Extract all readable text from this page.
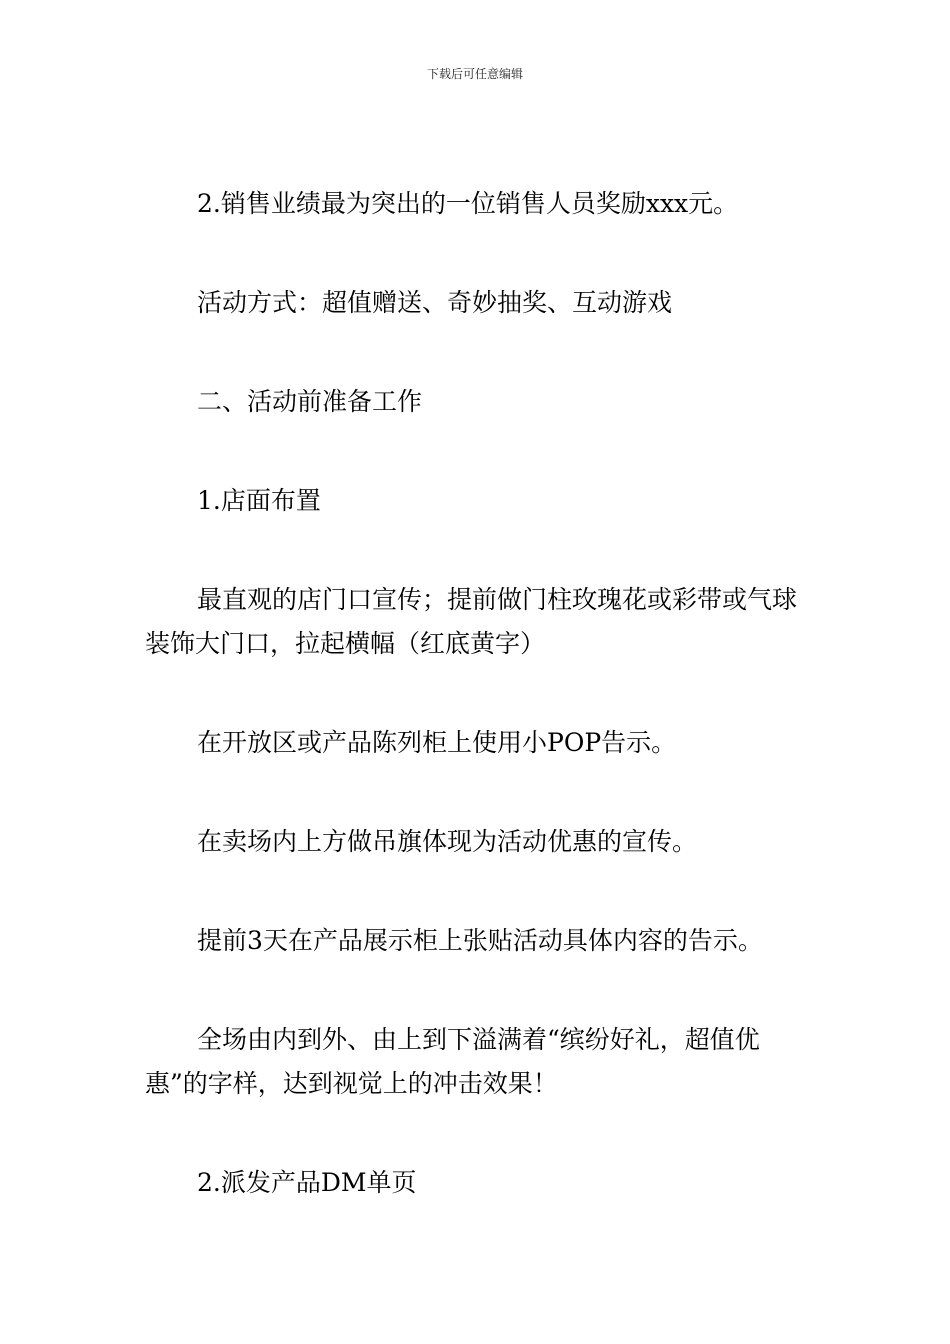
下载后可任意编辑

2.销售业绩最为突出的一位销售人员奖励xxx元。

活动方式：超值赠送、奇妙抽奖、互动游戏

二、活动前准备工作

1.店面布置

最直观的店门口宣传；提前做门柱玫瑰花或彩带或气球装饰大门口，拉起横幅（红底黄字）

在开放区或产品陈列柜上使用小POP告示。

在卖场内上方做吊旗体现为活动优惠的宣传。

提前3天在产品展示柜上张贴活动具体内容的告示。

全场由内到外、由上到下溢满着“缤纷好礼，超值优惠”的字样，达到视觉上的冲击效果！

2.派发产品DM单页
